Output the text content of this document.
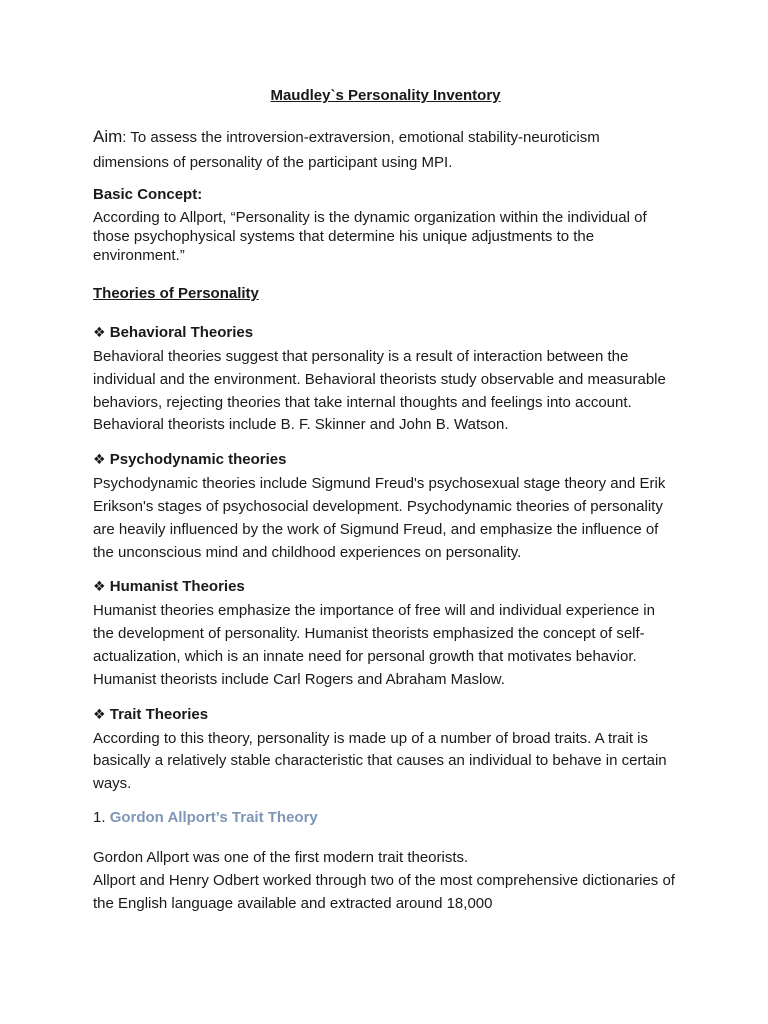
Maudley`s Personality Inventory
Aim: To assess the introversion-extraversion, emotional stability-neuroticism dimensions of personality of the participant using MPI.
Basic Concept:
According to Allport, “Personality is the dynamic organization within the individual of those psychophysical systems that determine his unique adjustments to the environment.”
Theories of Personality
❖ Behavioral Theories
Behavioral theories suggest that personality is a result of interaction between the individual and the environment. Behavioral theorists study observable and measurable behaviors, rejecting theories that take internal thoughts and feelings into account. Behavioral theorists include B. F. Skinner and John B. Watson.
❖ Psychodynamic theories
Psychodynamic theories include Sigmund Freud's psychosexual stage theory and Erik Erikson's stages of psychosocial development. Psychodynamic theories of personality are heavily influenced by the work of Sigmund Freud, and emphasize the influence of the unconscious mind and childhood experiences on personality.
❖ Humanist Theories
Humanist theories emphasize the importance of free will and individual experience in the development of personality. Humanist theorists emphasized the concept of self-actualization, which is an innate need for personal growth that motivates behavior. Humanist theorists include Carl Rogers and Abraham Maslow.
❖ Trait Theories
According to this theory, personality is made up of a number of broad traits. A trait is basically a relatively stable characteristic that causes an individual to behave in certain ways.
1. Gordon Allport’s Trait Theory
Gordon Allport was one of the first modern trait theorists.
Allport and Henry Odbert worked through two of the most comprehensive dictionaries of the English language available and extracted around 18,000
